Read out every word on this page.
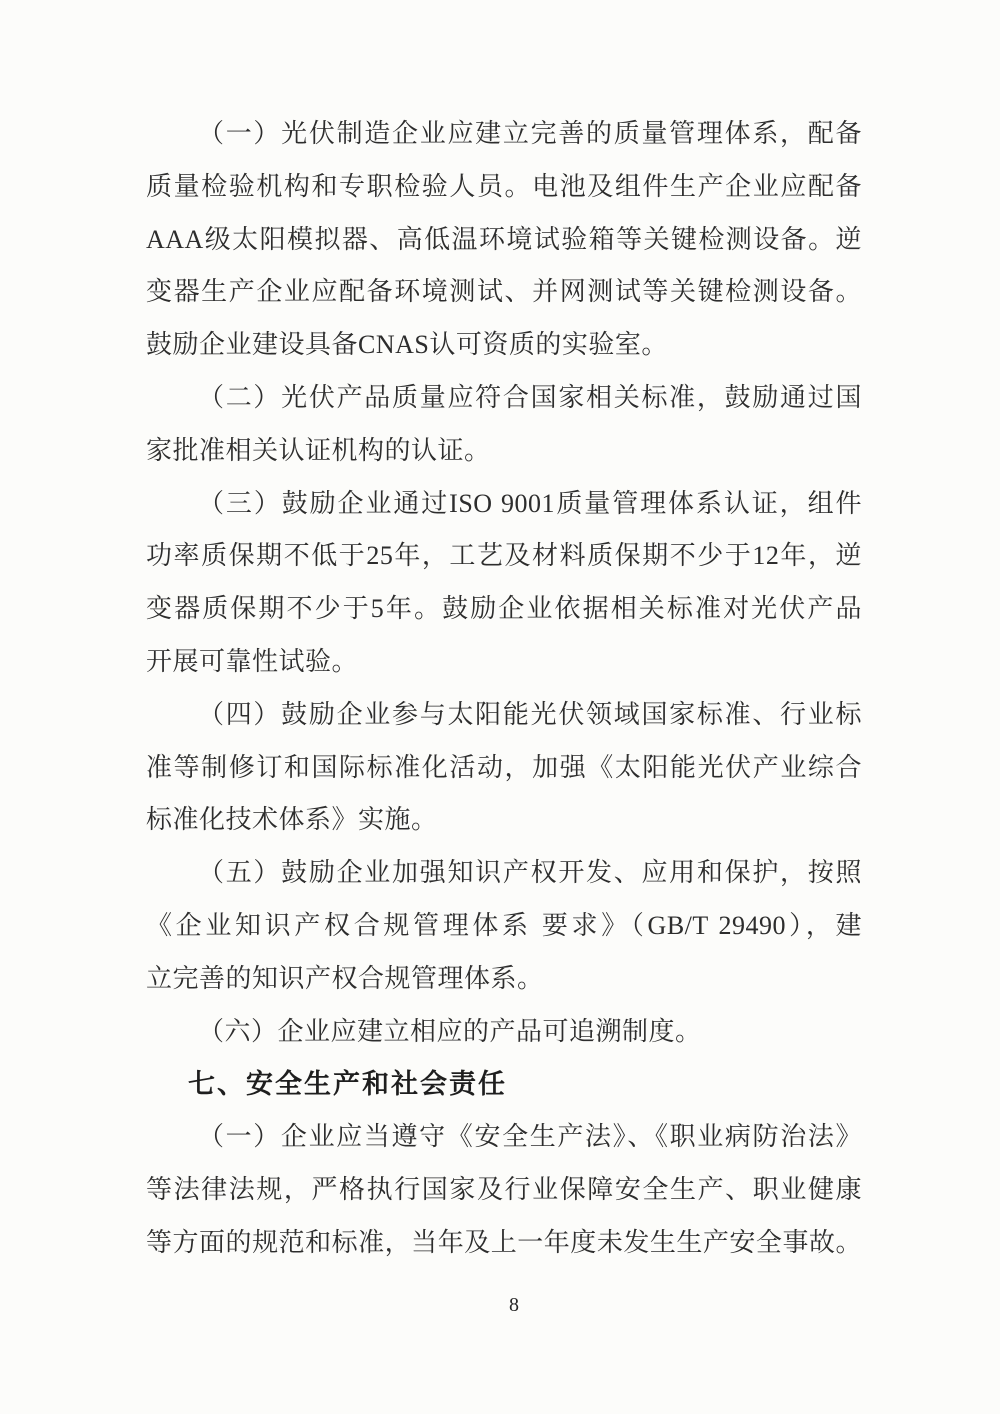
（一）光伏制造企业应建立完善的质量管理体系，配备
质量检验机构和专职检验人员。电池及组件生产企业应配备
AAA级太阳模拟器、高低温环境试验箱等关键检测设备。逆
变器生产企业应配备环境测试、并网测试等关键检测设备。
鼓励企业建设具备CNAS认可资质的实验室。
（二）光伏产品质量应符合国家相关标准，鼓励通过国
家批准相关认证机构的认证。
（三）鼓励企业通过ISO 9001质量管理体系认证，组件
功率质保期不低于25年，工艺及材料质保期不少于12年，逆
变器质保期不少于5年。鼓励企业依据相关标准对光伏产品
开展可靠性试验。
（四）鼓励企业参与太阳能光伏领域国家标准、行业标
准等制修订和国际标准化活动，加强《太阳能光伏产业综合
标准化技术体系》实施。
（五）鼓励企业加强知识产权开发、应用和保护，按照
《企业知识产权合规管理体系 要求》（GB/T 29490），建
立完善的知识产权合规管理体系。
（六）企业应建立相应的产品可追溯制度。
七、安全生产和社会责任
（一）企业应当遵守《安全生产法》、《职业病防治法》
等法律法规，严格执行国家及行业保障安全生产、职业健康
等方面的规范和标准，当年及上一年度未发生生产安全事故。
8
